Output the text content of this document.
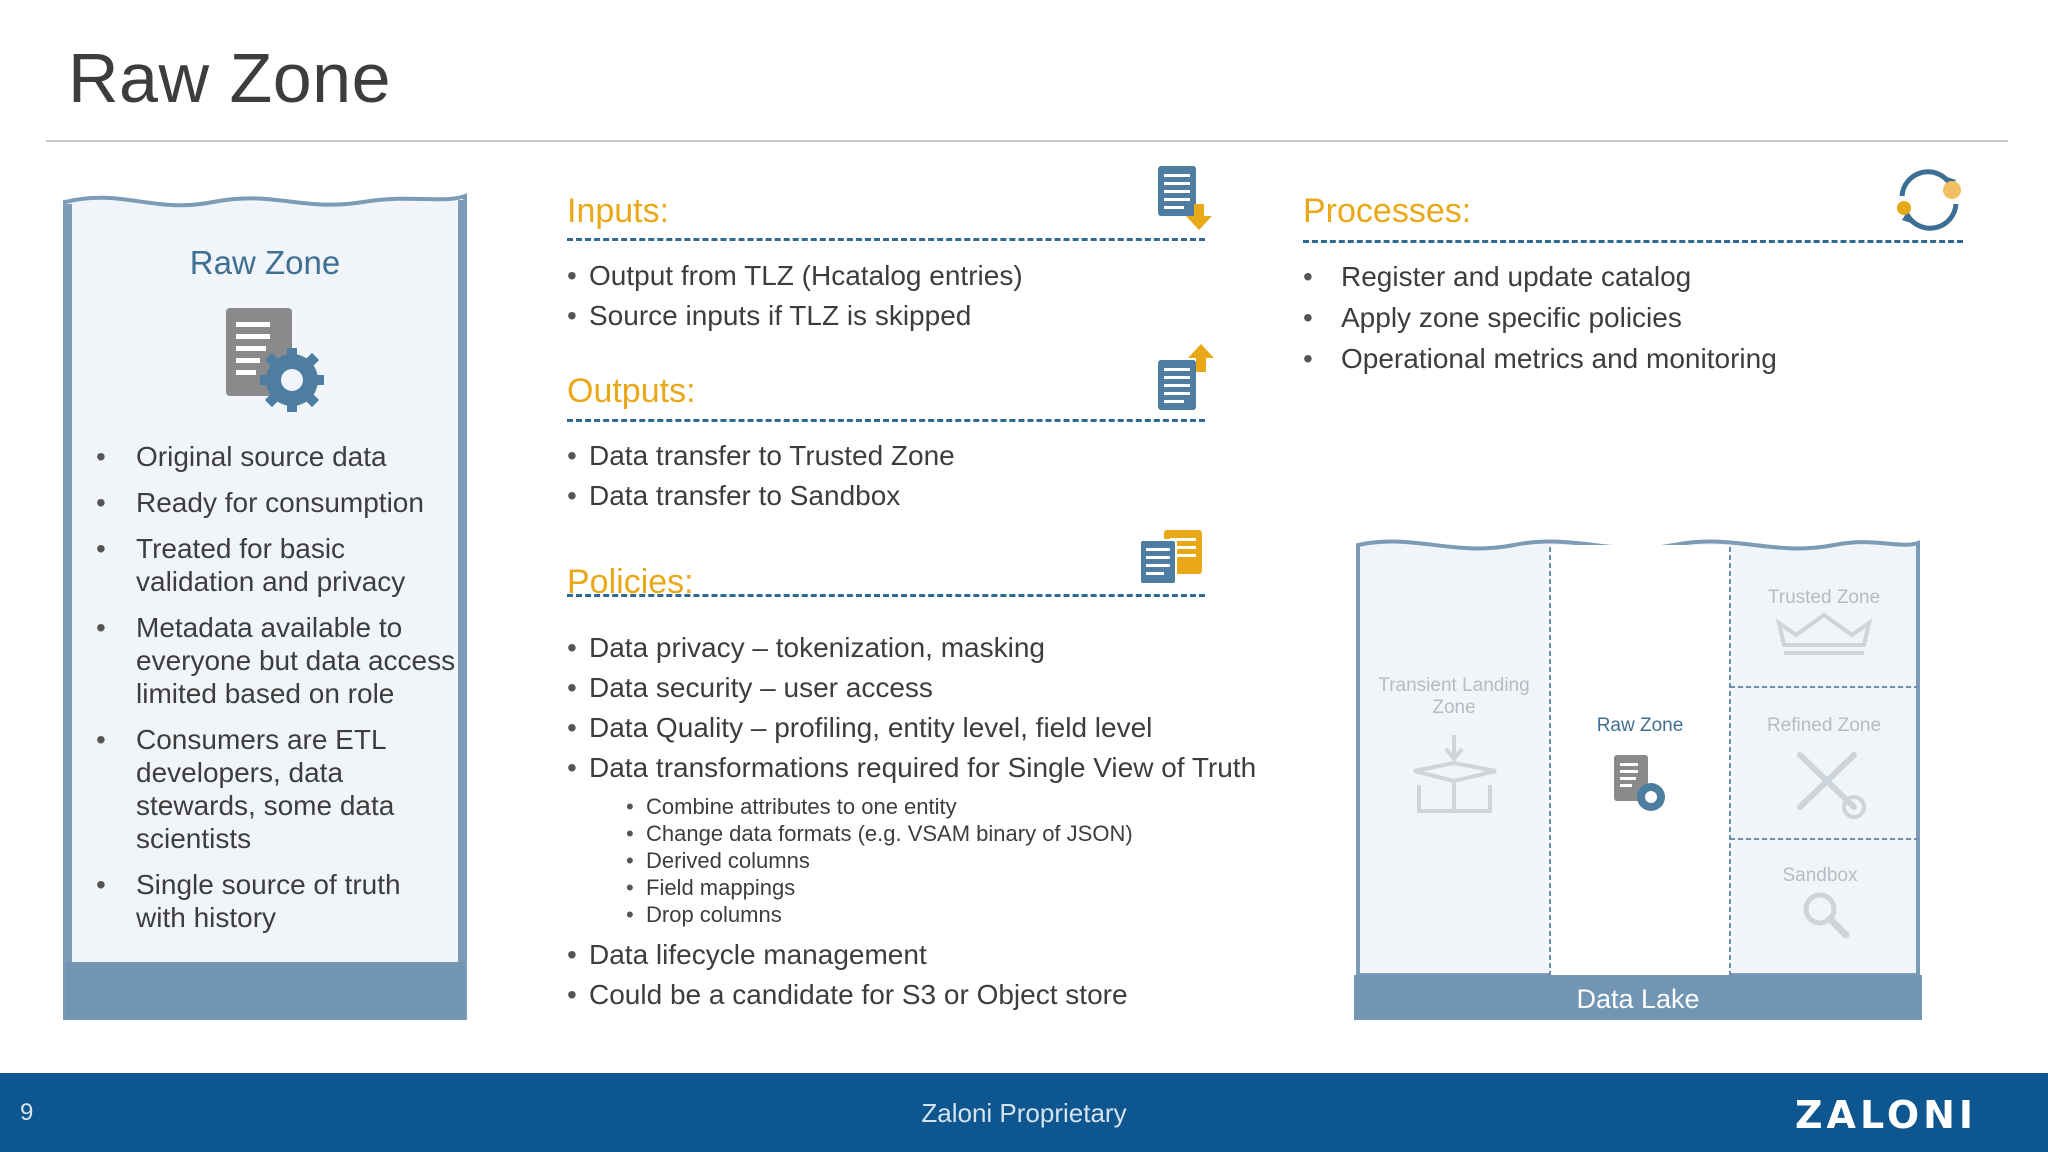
Raw Zone
Raw Zone
• Original source data
• Ready for consumption
• Treated for basic validation and privacy
• Metadata available to everyone but data access limited based on role
• Consumers are ETL developers, data stewards, some data scientists
• Single source of truth with history
Inputs:
• Output from TLZ (Hcatalog entries)
• Source inputs if TLZ is skipped
Outputs:
• Data transfer to Trusted Zone
• Data transfer to Sandbox
Policies:
• Data privacy – tokenization, masking
• Data security – user access
• Data Quality – profiling, entity level, field level
• Data transformations required for Single View of Truth
• Combine attributes to one entity
• Change data formats (e.g. VSAM binary of JSON)
• Derived columns
• Field mappings
• Drop columns
• Data lifecycle management
• Could be a candidate for S3 or Object store
Processes:
• Register and update catalog
• Apply zone specific policies
• Operational metrics and monitoring
Transient Landing Zone
Raw Zone
Trusted Zone
Refined Zone
Sandbox
Data Lake
9	Zaloni Proprietary	ZALONI
